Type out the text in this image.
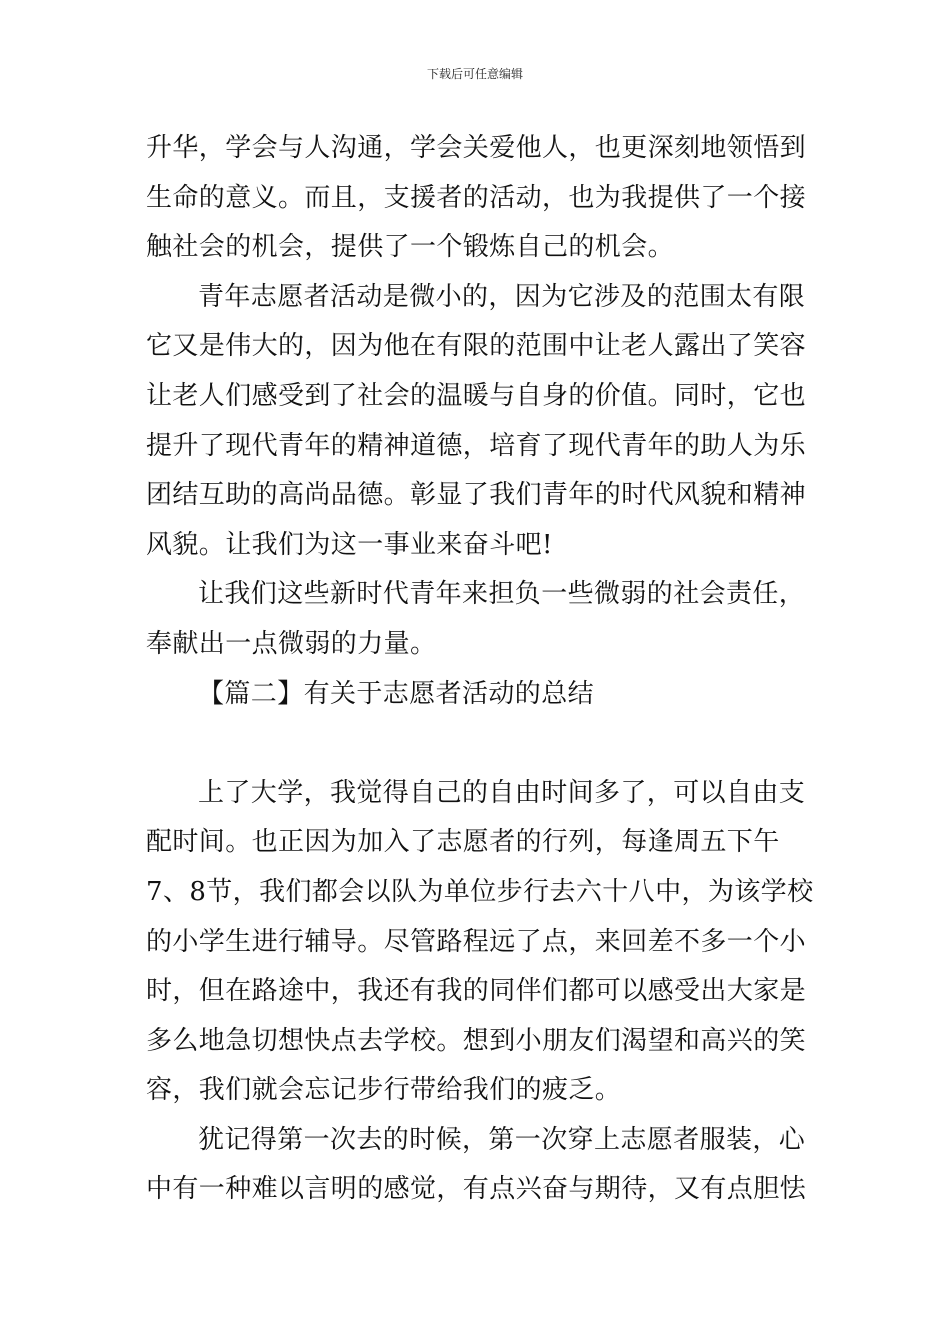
下载后可任意编辑
升华，学会与人沟通，学会关爱他人，也更深刻地领悟到
生命的意义。而且，支援者的活动，也为我提供了一个接
触社会的机会，提供了一个锻炼自己的机会。
青年志愿者活动是微小的，因为它涉及的范围太有限
它又是伟大的，因为他在有限的范围中让老人露出了笑容
让老人们感受到了社会的温暖与自身的价值。同时，它也
提升了现代青年的精神道德，培育了现代青年的助人为乐
团结互助的高尚品德。彰显了我们青年的时代风貌和精神
风貌。让我们为这一事业来奋斗吧!
让我们这些新时代青年来担负一些微弱的社会责任，
奉献出一点微弱的力量。
【篇二】有关于志愿者活动的总结
上了大学，我觉得自己的自由时间多了，可以自由支
配时间。也正因为加入了志愿者的行列，每逢周五下午
7、8节，我们都会以队为单位步行去六十八中，为该学校
的小学生进行辅导。尽管路程远了点，来回差不多一个小
时，但在路途中，我还有我的同伴们都可以感受出大家是
多么地急切想快点去学校。想到小朋友们渴望和高兴的笑
容，我们就会忘记步行带给我们的疲乏。
犹记得第一次去的时候，第一次穿上志愿者服装，心
中有一种难以言明的感觉，有点兴奋与期待，又有点胆怯
